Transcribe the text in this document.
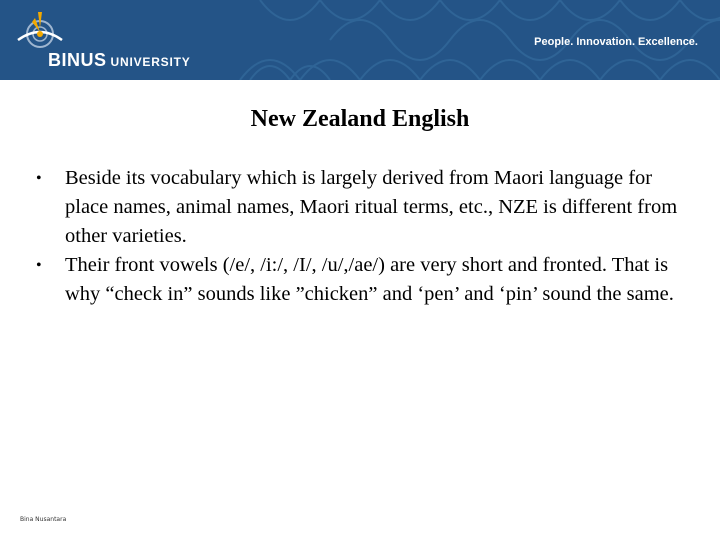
BINUS UNIVERSITY
People. Innovation. Excellence.
New Zealand English
• Beside its vocabulary which is largely derived from Maori language for place names, animal names, Maori ritual terms, etc., NZE is different from other varieties.
• Their front vowels (/e/, /i:/, /I/, /u/,/ae/) are very short and fronted. That is why “check in” sounds like ”chicken” and ‘pen’ and ‘pin’ sound the same.
Bina Nusantara
